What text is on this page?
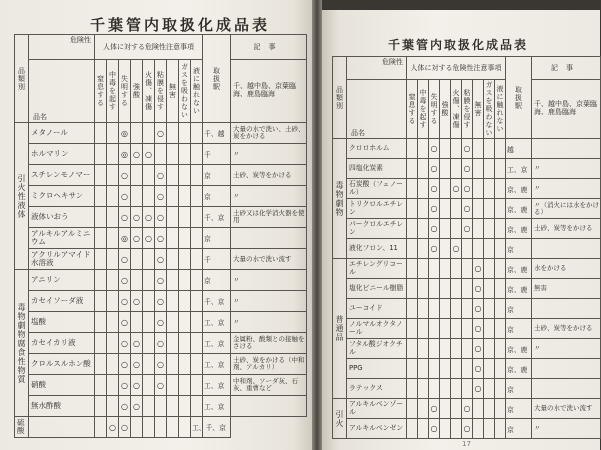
千葉管内取扱化成品表
品類別	危険性	人体に対する危険性注意事項									取扱駅	記事
	品名	窒息する	中毒を起す	失明する	強酸	火傷、凍傷	粘膜を侵す	無害	ガスを吸わない	液に触れない		千、越中島、京葉臨海、鹿島臨海
引火性液体	メタノール			◎			○				千、越	大量の水で洗い、土砂、炭をかける
	ホルマリン			◎	○	○					千	〃
	スチレンモノマー			○			○				京	土砂、炭等をかける
	ミクロヘキサン			○			○				京	〃
	液体いおう			○	○	○	○				千、京	土砂又は化学消火器を使用
	アルキルアルミニウム			◎	○	○	○				京	
	アクリルアマイド水溶液			○			○				千	大量の水で洗い流す
毒物劇物腐食性物質	アニリン			○			○				京	〃
	カセイソーダ液			○	○		○				千、京	〃
	塩酸			○			○				工、京	〃
	カセイカリ液			○	○		○				工、京	金属粉、酸類との接触をさける
	クロルスルホン酸			○	○		○				工、京	土砂、炭をかける（中和剤、アルカリ）
	硝酸			○	○		○				工、京	中和剤、ソーダ灰、石灰、重曹など
	無水酢酸			○	○						工、京	
硫酸			○	○						工、千、京		
千葉管内取扱化成品表
品類別	危険性	人体に対する危険性注意事項									取扱駅	記事
	品名	窒息する	中毒を起す	失明する	強酸	火傷、凍傷	粘膜を侵す	無害	ガスを吸わない	液に触れない		千、越中島、京葉臨海、鹿島臨海
毒物劇物	クロロホルム			○			○				越	
	四塩化炭素			○			○				工、京	〃
	石炭酸（フェノール）			○		○	○				京、鹿	〃
	トリクロルエチレン			○			○				京、鹿	〃（消火には水をかける）
	パークロルエチレン			○			○				京、鹿	土砂、炭等をかける
	液化フロン、11			○		○					京	
普通品	エチレングリコール							○			京、鹿	水をかける
	塩化ビニール樹脂							○			京、鹿	無害
	ユーコイド							○			京	
	ノルマルオクタノール							○			京	土砂、炭等をかける
	フタル酸ジオクチル							○			京、鹿	〃
	PPG							○			京、鹿	
	ラテックス							○			京	
引火	アルキルベンゾール			○			○				京	大量の水で洗い流す
	アルキルベンゼン			○			○				京	〃
17
